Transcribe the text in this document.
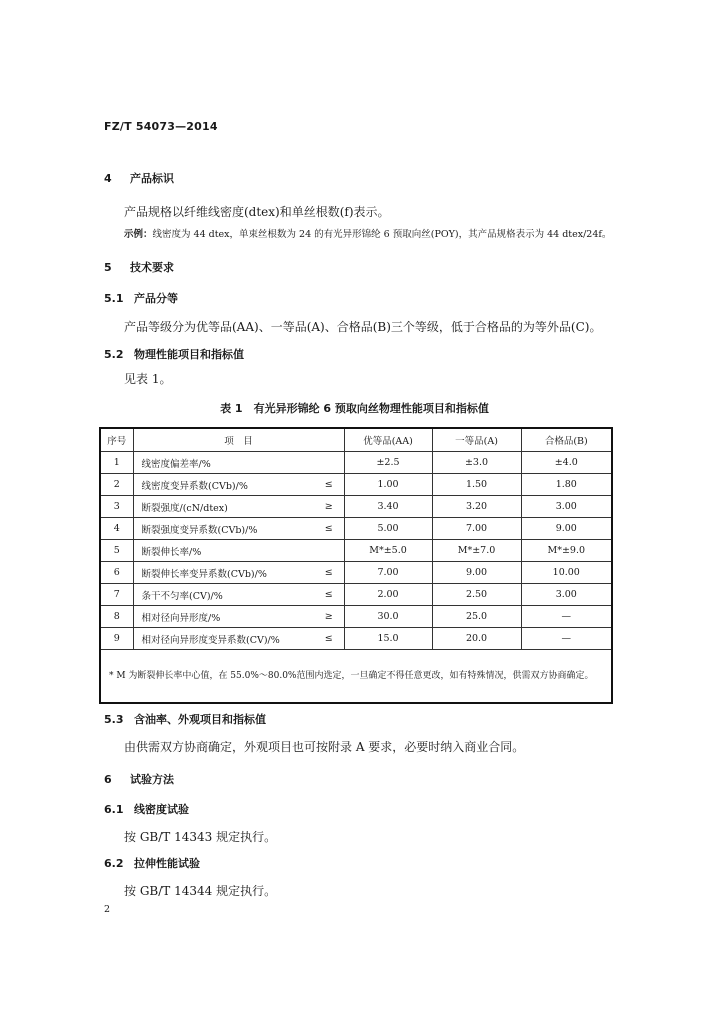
FZ/T 54073—2014
4 产品标识
产品规格以纤维线密度(dtex)和单丝根数(f)表示。
示例：线密度为 44 dtex，单束丝根数为 24 的有光异形锦纶 6 预取向丝(POY)，其产品规格表示为 44 dtex/24f。
5 技术要求
5.1 产品分等
产品等级分为优等品(AA)、一等品(A)、合格品(B)三个等级，低于合格品的为等外品(C)。
5.2 物理性能项目和指标值
见表 1。
表 1　有光异形锦纶 6 预取向丝物理性能项目和指标值
序号	项　目		优等品(AA)	一等品(A)	合格品(B)
1	线密度偏差率/%		±2.5	±3.0	±4.0
2	线密度变异系数(CVb)/%	≤	1.00	1.50	1.80
3	断裂强度/(cN/dtex)	≥	3.40	3.20	3.00
4	断裂强度变异系数(CVb)/%	≤	5.00	7.00	9.00
5	断裂伸长率/%		M*±5.0	M*±7.0	M*±9.0
6	断裂伸长率变异系数(CVb)/%	≤	7.00	9.00	10.00
7	条干不匀率(CV)/%	≤	2.00	2.50	3.00
8	相对径向异形度/%	≥	30.0	25.0	—
9	相对径向异形度变异系数(CV)/%	≤	15.0	20.0	—
* M 为断裂伸长率中心值，在 55.0%～80.0%范围内选定，一旦确定不得任意更改，如有特殊情况，供需双方协商确定。					
5.3 含油率、外观项目和指标值
由供需双方协商确定，外观项目也可按附录 A 要求，必要时纳入商业合同。
6 试验方法
6.1 线密度试验
按 GB/T 14343 规定执行。
6.2 拉伸性能试验
按 GB/T 14344 规定执行。
2
